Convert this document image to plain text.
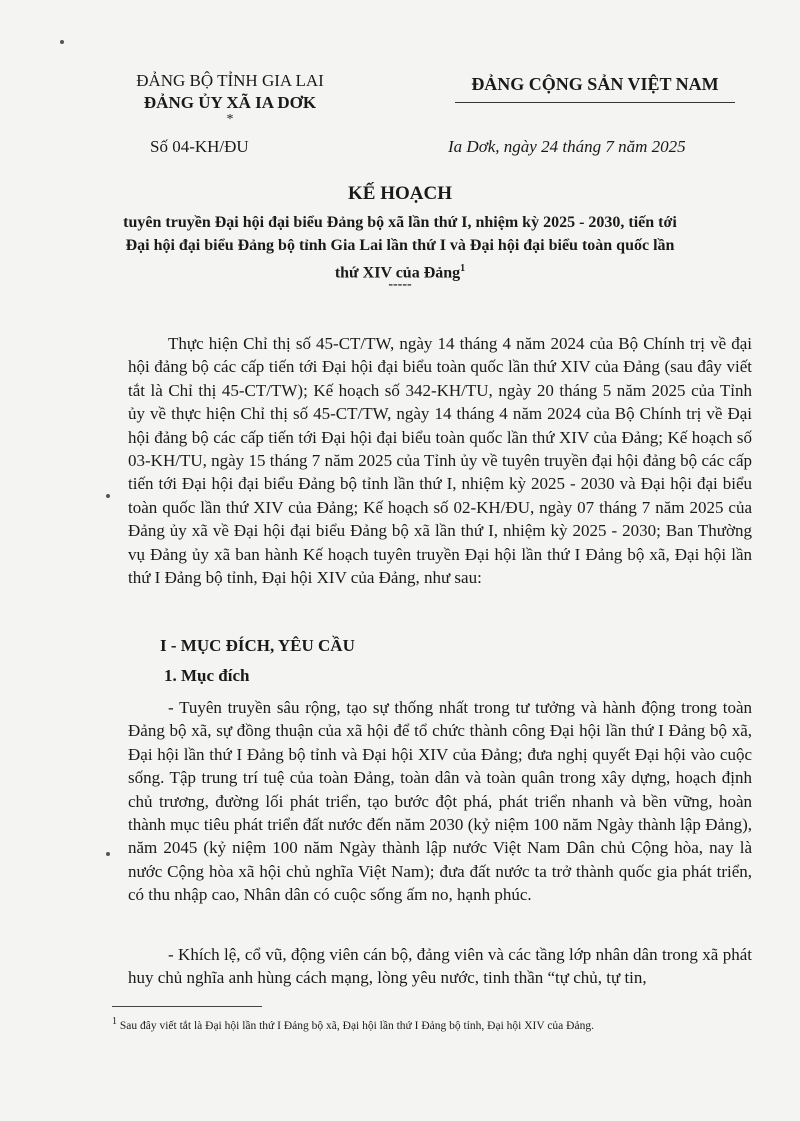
ĐẢNG BỘ TỈNH GIA LAI
ĐẢNG ỦY XÃ IA DƠK
*
ĐẢNG CỘNG SẢN VIỆT NAM
Số 04-KH/ĐU	Ia Dơk, ngày 24 tháng 7 năm 2025
KẾ HOẠCH
tuyên truyền Đại hội đại biểu Đảng bộ xã lần thứ I, nhiệm kỳ 2025 - 2030, tiến tới Đại hội đại biểu Đảng bộ tỉnh Gia Lai lần thứ I và Đại hội đại biểu toàn quốc lần thứ XIV của Đảng$^1$
-----

Thực hiện Chỉ thị số 45-CT/TW, ngày 14 tháng 4 năm 2024 của Bộ Chính trị về đại hội đảng bộ các cấp tiến tới Đại hội đại biểu toàn quốc lần thứ XIV của Đảng (sau đây viết tắt là Chỉ thị 45-CT/TW); Kế hoạch số 342-KH/TU, ngày 20 tháng 5 năm 2025 của Tỉnh ủy về thực hiện Chỉ thị số 45-CT/TW, ngày 14 tháng 4 năm 2024 của Bộ Chính trị về Đại hội đảng bộ các cấp tiến tới Đại hội đại biểu toàn quốc lần thứ XIV của Đảng; Kế hoạch số 03-KH/TU, ngày 15 tháng 7 năm 2025 của Tỉnh ủy về tuyên truyền đại hội đảng bộ các cấp tiến tới Đại hội đại biểu Đảng bộ tỉnh lần thứ I, nhiệm kỳ 2025 - 2030 và Đại hội đại biểu toàn quốc lần thứ XIV của Đảng; Kế hoạch số 02-KH/ĐU, ngày 07 tháng 7 năm 2025 của Đảng ủy xã về Đại hội đại biểu Đảng bộ xã lần thứ I, nhiệm kỳ 2025 - 2030; Ban Thường vụ Đảng ủy xã ban hành Kế hoạch tuyên truyền Đại hội lần thứ I Đảng bộ xã, Đại hội lần thứ I Đảng bộ tỉnh, Đại hội XIV của Đảng, như sau:

I - MỤC ĐÍCH, YÊU CẦU
1. Mục đích

- Tuyên truyền sâu rộng, tạo sự thống nhất trong tư tưởng và hành động trong toàn Đảng bộ xã, sự đồng thuận của xã hội để tổ chức thành công Đại hội lần thứ I Đảng bộ xã, Đại hội lần thứ I Đảng bộ tỉnh và Đại hội XIV của Đảng; đưa nghị quyết Đại hội vào cuộc sống. Tập trung trí tuệ của toàn Đảng, toàn dân và toàn quân trong xây dựng, hoạch định chủ trương, đường lối phát triển, tạo bước đột phá, phát triển nhanh và bền vững, hoàn thành mục tiêu phát triển đất nước đến năm 2030 (kỷ niệm 100 năm Ngày thành lập Đảng), năm 2045 (kỷ niệm 100 năm Ngày thành lập nước Việt Nam Dân chủ Cộng hòa, nay là nước Cộng hòa xã hội chủ nghĩa Việt Nam); đưa đất nước ta trở thành quốc gia phát triển, có thu nhập cao, Nhân dân có cuộc sống ấm no, hạnh phúc.

- Khích lệ, cổ vũ, động viên cán bộ, đảng viên và các tầng lớp nhân dân trong xã phát huy chủ nghĩa anh hùng cách mạng, lòng yêu nước, tinh thần “tự chủ, tự tin,

$^1$ Sau đây viết tắt là Đại hội lần thứ I Đảng bộ xã, Đại hội lần thứ I Đảng bộ tỉnh, Đại hội XIV của Đảng.
